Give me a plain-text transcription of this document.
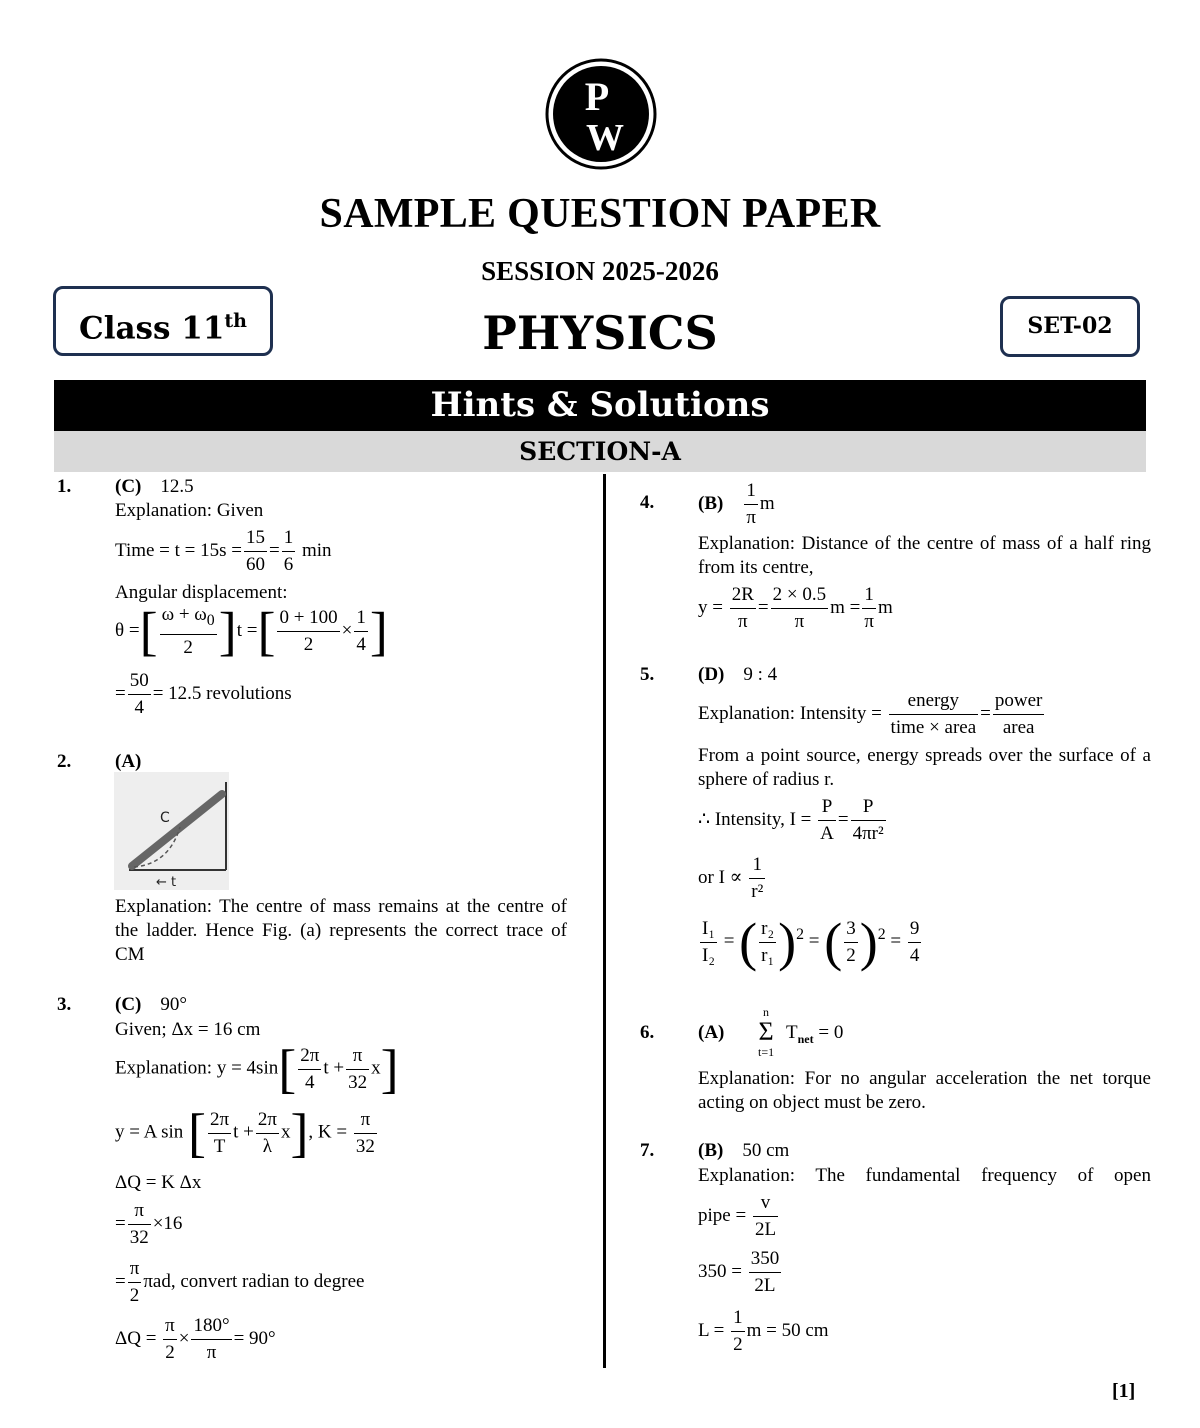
P
W
SAMPLE QUESTION PAPER
SESSION 2025-2026
PHYSICS
Class 11th	SET-02
Hints & Solutions
SECTION-A
1. (C) 12.5
Explanation: Given
Time = $t = 15s = \frac{15}{60} = \frac{1}{6}$ min
Angular displacement:
θ =[ $\frac{\omega + \omega_0}{2} ]t$ =[ $\frac{0 + 100}{2} \times \frac{1}{4}$ ]
= $\frac{50}{4} = 12.5$ revolutions
2. (A)
C
← t
Explanation: The centre of mass remains at the centre of the ladder. Hence Fig. (a) represents the correct trace of CM
3. (C) 90°
Given; Δx = 16 cm
Explanation: $y = 4\sin[ \frac{2\pi}{4}$ $t + \frac{\pi}{32} x$]
y = A sin [ $\frac{2\pi}{T}$ $t + \frac{2\pi}{\lambda} x$], $K = \frac{\pi}{32}$
ΔQ = K Δx
= $\frac{\pi}{32} \times 16$
= $\frac{\pi}{2} \pi ad$, convert radian to degree
$\Delta Q = \frac{\pi}{2} \times \frac{180^\circ}{\pi} = 90^\circ$
4. $(B) \frac{1}{\pi}$ m
Explanation: Distance of the centre of mass of a half ring from its centre,
$y = \frac{2R}{\pi} = \frac{2 \times 0.5}{\pi}$ $m = \frac{1}{\pi}$ m
5. (D) 9 : 4
Explanation: Intensity = $\frac{\text{energy}}{\text{time × area}} = \frac{\text{power}}{\text{area}}$
From a point source, energy spreads over the surface of a sphere of radius r.
∴ Intensity, $I = \frac{P}{A} = \frac{P}{\text{4πr²}}$
or $I \propto \frac{1}{\text{r²}}$
$\frac{\text{I₁}}{\text{I₂}}$ = ( $\frac{\text{r₂}}{\text{r₁}} )^2$ = ( $\frac{3}{2} )^2 = \frac{9}{4}$
6. (A)
n
Σ
t=1
$T_{net} = 0$
Explanation: For no angular acceleration the net torque acting on object must be zero.
7. (B) 50 cm
Explanation: The fundamental frequency of open
pipe = $\frac{v}{2L}$
$350 = \frac{350}{2L}$
$L = \frac{1}{2}$ m = 50 cm
[1]
